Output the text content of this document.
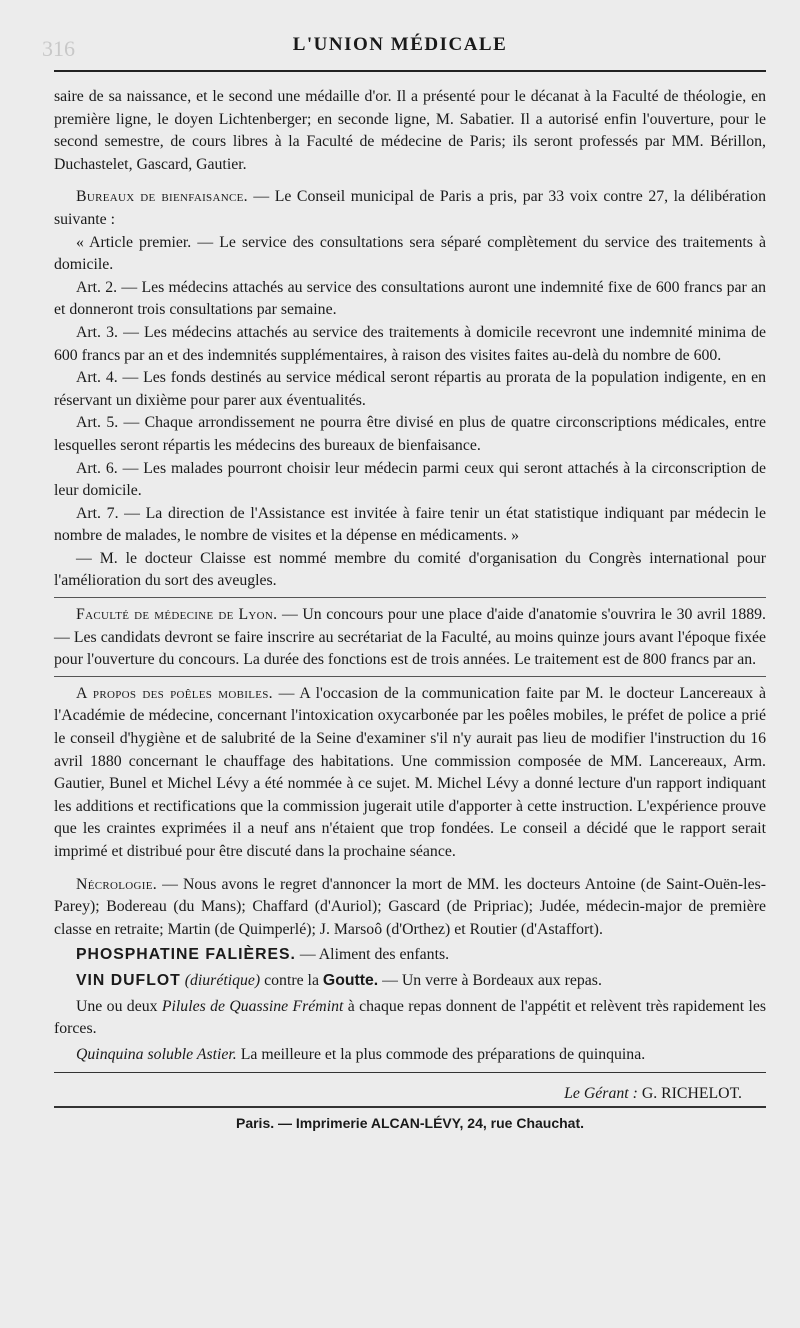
316	L'UNION MÉDICALE

saire de sa naissance, et le second une médaille d'or. Il a présenté pour le décanat à la Faculté de théologie, en première ligne, le doyen Lichtenberger; en seconde ligne, M. Sabatier. Il a autorisé enfin l'ouverture, pour le second semestre, de cours libres à la Faculté de médecine de Paris; ils seront professés par MM. Bérillon, Duchastelet, Gascard, Gautier.

Bureaux de bienfaisance. — Le Conseil municipal de Paris a pris, par 33 voix contre 27, la délibération suivante :

« Article premier. — Le service des consultations sera séparé complètement du service des traitements à domicile.

Art. 2. — Les médecins attachés au service des consultations auront une indemnité fixe de 600 francs par an et donneront trois consultations par semaine.

Art. 3. — Les médecins attachés au service des traitements à domicile recevront une indemnité minima de 600 francs par an et des indemnités supplémentaires, à raison des visites faites au-delà du nombre de 600.

Art. 4. — Les fonds destinés au service médical seront répartis au prorata de la population indigente, en en réservant un dixième pour parer aux éventualités.

Art. 5. — Chaque arrondissement ne pourra être divisé en plus de quatre circonscriptions médicales, entre lesquelles seront répartis les médecins des bureaux de bienfaisance.

Art. 6. — Les malades pourront choisir leur médecin parmi ceux qui seront attachés à la circonscription de leur domicile.

Art. 7. — La direction de l'Assistance est invitée à faire tenir un état statistique indiquant par médecin le nombre de malades, le nombre de visites et la dépense en médicaments. »

— M. le docteur Claisse est nommé membre du comité d'organisation du Congrès international pour l'amélioration du sort des aveugles.

Faculté de médecine de Lyon. — Un concours pour une place d'aide d'anatomie s'ouvrira le 30 avril 1889. — Les candidats devront se faire inscrire au secrétariat de la Faculté, au moins quinze jours avant l'époque fixée pour l'ouverture du concours. La durée des fonctions est de trois années. Le traitement est de 800 francs par an.

A propos des poêles mobiles. — A l'occasion de la communication faite par M. le docteur Lancereaux à l'Académie de médecine, concernant l'intoxication oxycarbonée par les poêles mobiles, le préfet de police a prié le conseil d'hygiène et de salubrité de la Seine d'examiner s'il n'y aurait pas lieu de modifier l'instruction du 16 avril 1880 concernant le chauffage des habitations. Une commission composée de MM. Lancereaux, Arm. Gautier, Bunel et Michel Lévy a été nommée à ce sujet. M. Michel Lévy a donné lecture d'un rapport indiquant les additions et rectifications que la commission jugerait utile d'apporter à cette instruction. L'expérience prouve que les craintes exprimées il a neuf ans n'étaient que trop fondées. Le conseil a décidé que le rapport serait imprimé et distribué pour être discuté dans la prochaine séance.

Nécrologie. — Nous avons le regret d'annoncer la mort de MM. les docteurs Antoine (de Saint-Ouën-les-Parey); Bodereau (du Mans); Chaffard (d'Auriol); Gascard (de Pripriac); Judée, médecin-major de première classe en retraite; Martin (de Quimperlé); J. Marsoô (d'Orthez) et Routier (d'Astaffort).

PHOSPHATINE FALIÈRES. — Aliment des enfants.

VIN DUFLOT (diurétique) contre la Goutte. — Un verre à Bordeaux aux repas.

Une ou deux Pilules de Quassine Frémint à chaque repas donnent de l'appétit et relèvent très rapidement les forces.

Quinquina soluble Astier. La meilleure et la plus commode des préparations de quinquina.

Le Gérant : G. RICHELOT.

Paris. — Imprimerie ALCAN-LÉVY, 24, rue Chauchat.
